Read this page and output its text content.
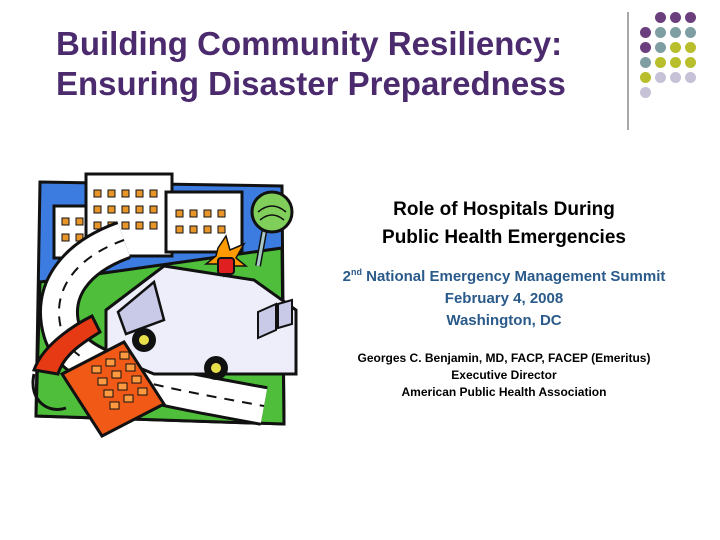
Building Community Resiliency:
Ensuring Disaster Preparedness
Role of Hospitals During
Public Health Emergencies
2nd National Emergency Management Summit
February 4, 2008
Washington, DC
Georges C. Benjamin, MD, FACP, FACEP (Emeritus)
Executive Director
American Public Health Association
